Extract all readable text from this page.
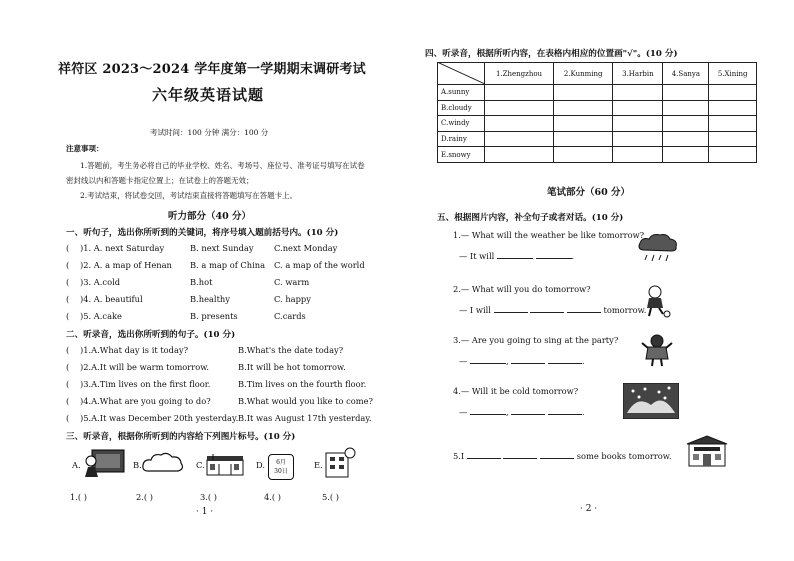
祥符区 2023～2024 学年度第一学期期末调研考试
六年级英语试题
考试时间：100 分钟 满分：100 分
注意事项：
1.答题前，考生务必将自己的毕业学校、姓名、考场号、座位号、准考证号填写在试卷
密封线以内和答题卡指定位置上；在试卷上的答题无效；
2.考试结束，将试卷交回，考试结束直接将答题填写在答题卡上。
听力部分（40 分）
一、听句子，选出你所听到的关键词，将序号填入题前括号内。(10 分)
( )1. A. next Saturday	B. next Sunday C.next Monday
( )2. A. a map of Henan B. a map of China C. a map of the world
( )3. A.cold	B.hot	C. warm
( )4. A. beautiful	B.healthy	C. happy
( )5. A.cake	B. presents	C.cards
二、听录音，选出你所听到的句子。(10 分)
( )1.A.What day is it today?	B.What's the date today?
( )2.A.It will be warm tomorrow.	B.It will be hot tomorrow.
( )3.A.Tim lives on the first floor.	B.Tim lives on the fourth floor.
( )4.A.What are you going to do?	B.What would you like to come?
( )5.A.It was December 20th yesterday. B.It was August 17th yesterday.
三、听录音，根据你所听到的内容给下列图片标号。(10 分)
A.	B.	C.	D.	6月
30日
E.
1.( )	2.( )	3.( )	4.( )	5.( )
· 1 ·
四、听录音，根据所听内容，在表格内相应的位置画"√"。(10 分)
	1.Zhengzhou	2.Kunming	3.Harbin	4.Sanya	5.Xining
A.sunny					
B.cloudy					
C.windy					
D.rainy					
E.snowy					
笔试部分（60 分）
五、根据图片内容，补全句子或者对话。(10 分)
1.— What will the weather be like tomorrow?
— It will	.
2.— What will you do tomorrow?
— I will	tomorrow.
3.— Are you going to sing at the party?
—	,	.
4.— Will it be cold tomorrow?
—	,	.
5.I	some books tomorrow.
· 2 ·
